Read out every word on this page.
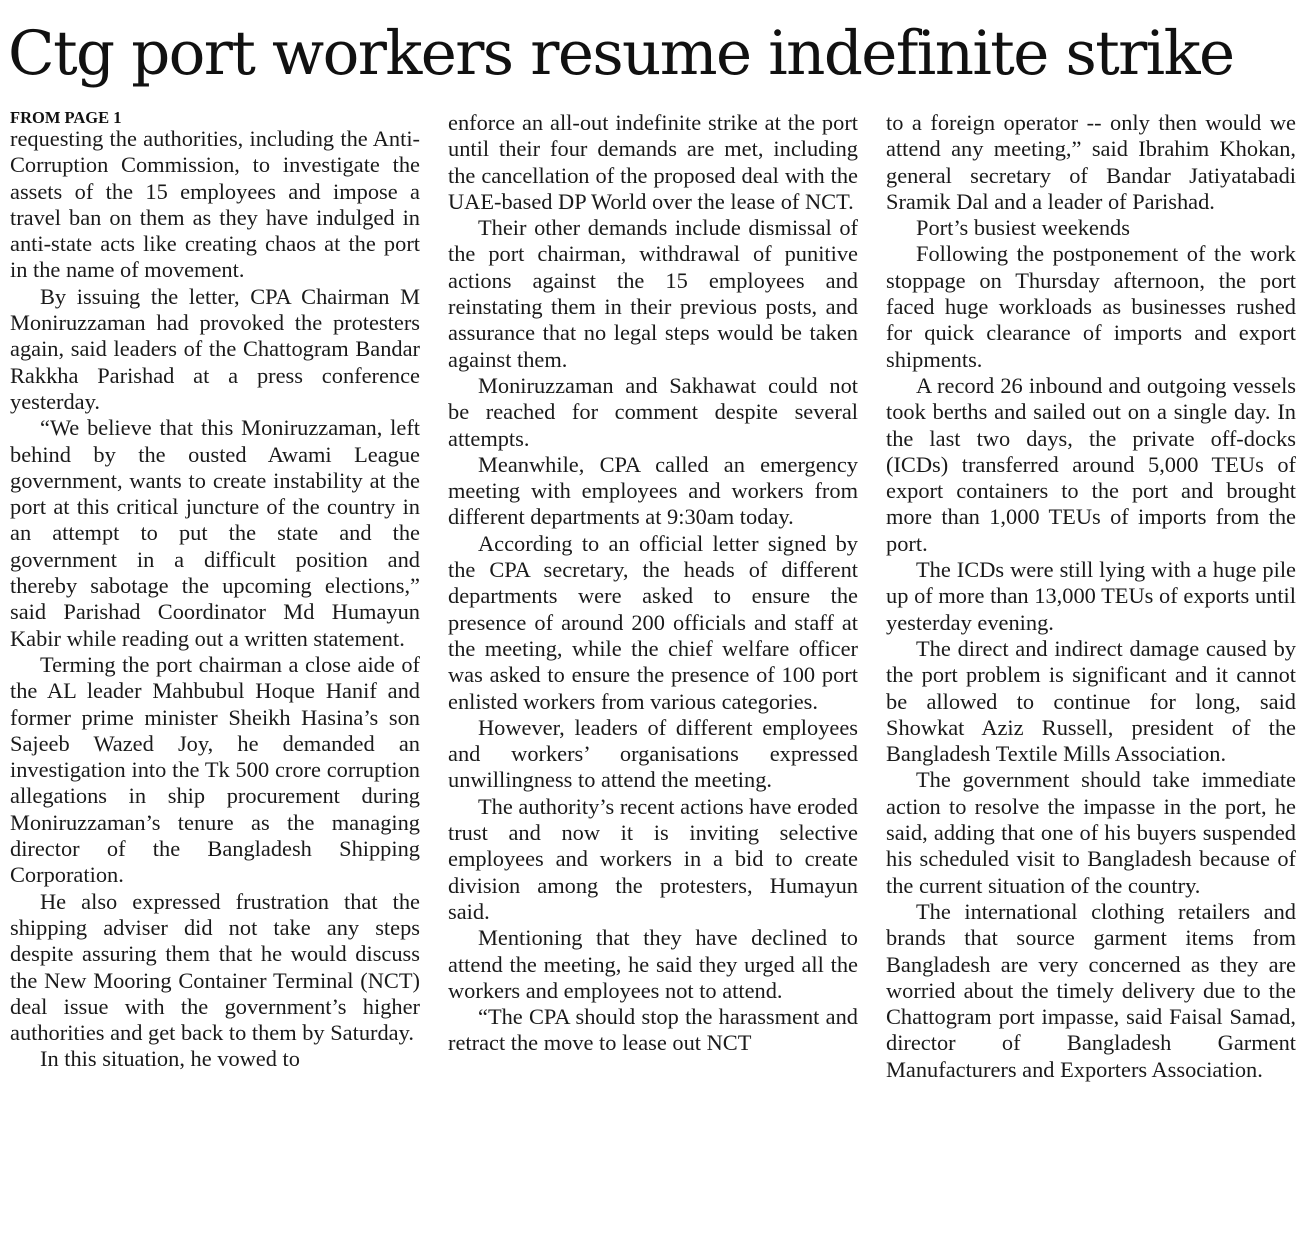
Ctg port workers resume indefinite strike
FROM PAGE 1

requesting the authorities, including the Anti-Corruption Commission, to investigate the assets of the 15 employees and impose a travel ban on them as they have indulged in anti-state acts like creating chaos at the port in the name of movement.

By issuing the letter, CPA Chairman M Moniruzzaman had provoked the protesters again, said leaders of the Chattogram Bandar Rakkha Parishad at a press conference yesterday.

“We believe that this Moniruzzaman, left behind by the ousted Awami League government, wants to create instability at the port at this critical juncture of the country in an attempt to put the state and the government in a difficult position and thereby sabotage the upcoming elections,” said Parishad Coordinator Md Humayun Kabir while reading out a written statement.

Terming the port chairman a close aide of the AL leader Mahbubul Hoque Hanif and former prime minister Sheikh Hasina’s son Sajeeb Wazed Joy, he demanded an investigation into the Tk 500 crore corruption allegations in ship procurement during Moniruzzaman’s tenure as the managing director of the Bangladesh Shipping Corporation.

He also expressed frustration that the shipping adviser did not take any steps despite assuring them that he would discuss the New Mooring Container Terminal (NCT) deal issue with the government’s higher authorities and get back to them by Saturday.

In this situation, he vowed to

enforce an all-out indefinite strike at the port until their four demands are met, including the cancellation of the proposed deal with the UAE-based DP World over the lease of NCT.

Their other demands include dismissal of the port chairman, withdrawal of punitive actions against the 15 employees and reinstating them in their previous posts, and assurance that no legal steps would be taken against them.

Moniruzzaman and Sakhawat could not be reached for comment despite several attempts.

Meanwhile, CPA called an emergency meeting with employees and workers from different departments at 9:30am today.

According to an official letter signed by the CPA secretary, the heads of different departments were asked to ensure the presence of around 200 officials and staff at the meeting, while the chief welfare officer was asked to ensure the presence of 100 port enlisted workers from various categories.

However, leaders of different employees and workers’ organisations expressed unwillingness to attend the meeting.

The authority’s recent actions have eroded trust and now it is inviting selective employees and workers in a bid to create division among the protesters, Humayun said.

Mentioning that they have declined to attend the meeting, he said they urged all the workers and employees not to attend.

“The CPA should stop the harassment and retract the move to lease out NCT

to a foreign operator -- only then would we attend any meeting,” said Ibrahim Khokan, general secretary of Bandar Jatiyatabadi Sramik Dal and a leader of Parishad.

Port’s busiest weekends

Following the postponement of the work stoppage on Thursday afternoon, the port faced huge workloads as businesses rushed for quick clearance of imports and export shipments.

A record 26 inbound and outgoing vessels took berths and sailed out on a single day. In the last two days, the private off-docks (ICDs) transferred around 5,000 TEUs of export containers to the port and brought more than 1,000 TEUs of imports from the port.

The ICDs were still lying with a huge pile up of more than 13,000 TEUs of exports until yesterday evening.

The direct and indirect damage caused by the port problem is significant and it cannot be allowed to continue for long, said Showkat Aziz Russell, president of the Bangladesh Textile Mills Association.

The government should take immediate action to resolve the impasse in the port, he said, adding that one of his buyers suspended his scheduled visit to Bangladesh because of the current situation of the country.

The international clothing retailers and brands that source garment items from Bangladesh are very concerned as they are worried about the timely delivery due to the Chattogram port impasse, said Faisal Samad, director of Bangladesh Garment Manufacturers and Exporters Association.
